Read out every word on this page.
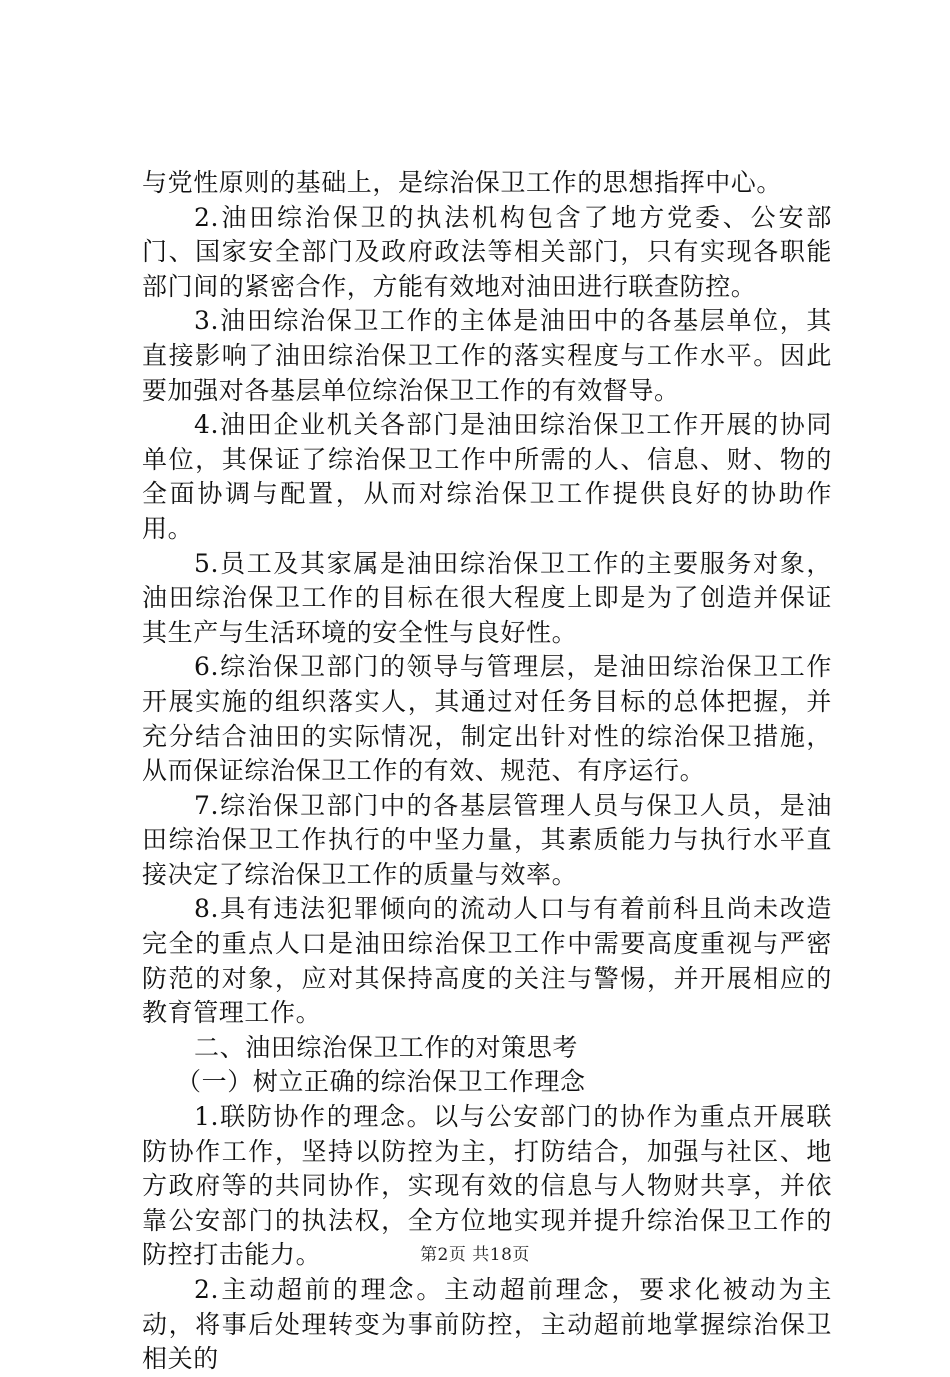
与党性原则的基础上，是综治保卫工作的思想指挥中心。

2.油田综治保卫的执法机构包含了地方党委、公安部门、国家安全部门及政府政法等相关部门，只有实现各职能部门间的紧密合作，方能有效地对油田进行联查防控。

3.油田综治保卫工作的主体是油田中的各基层单位，其直接影响了油田综治保卫工作的落实程度与工作水平。因此要加强对各基层单位综治保卫工作的有效督导。

4.油田企业机关各部门是油田综治保卫工作开展的协同单位，其保证了综治保卫工作中所需的人、信息、财、物的全面协调与配置，从而对综治保卫工作提供良好的协助作用。

5.员工及其家属是油田综治保卫工作的主要服务对象，油田综治保卫工作的目标在很大程度上即是为了创造并保证其生产与生活环境的安全性与良好性。

6.综治保卫部门的领导与管理层，是油田综治保卫工作开展实施的组织落实人，其通过对任务目标的总体把握，并充分结合油田的实际情况，制定出针对性的综治保卫措施，从而保证综治保卫工作的有效、规范、有序运行。

7.综治保卫部门中的各基层管理人员与保卫人员，是油田综治保卫工作执行的中坚力量，其素质能力与执行水平直接决定了综治保卫工作的质量与效率。

8.具有违法犯罪倾向的流动人口与有着前科且尚未改造完全的重点人口是油田综治保卫工作中需要高度重视与严密防范的对象，应对其保持高度的关注与警惕，并开展相应的教育管理工作。

二、油田综治保卫工作的对策思考

（一）树立正确的综治保卫工作理念

1.联防协作的理念。以与公安部门的协作为重点开展联防协作工作，坚持以防控为主，打防结合，加强与社区、地方政府等的共同协作，实现有效的信息与人物财共享，并依靠公安部门的执法权，全方位地实现并提升综治保卫工作的防控打击能力。

2.主动超前的理念。主动超前理念，要求化被动为主动，将事后处理转变为事前防控，主动超前地掌握综治保卫相关的

第2页 共18页
